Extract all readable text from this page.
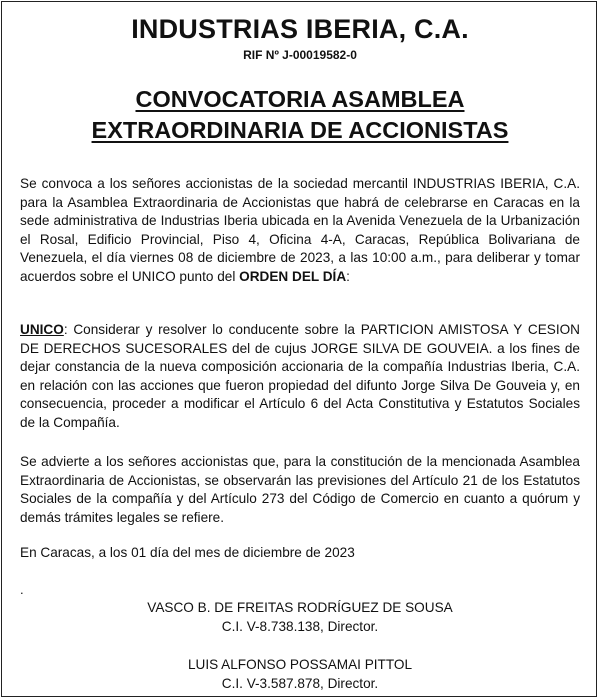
INDUSTRIAS IBERIA, C.A.
RIF Nº J-00019582-0
CONVOCATORIA ASAMBLEA
EXTRAORDINARIA DE ACCIONISTAS
Se convoca a los señores accionistas de la sociedad mercantil INDUSTRIAS IBERIA, C.A. para la Asamblea Extraordinaria de Accionistas que habrá de celebrarse en Caracas en la sede administrativa de Industrias Iberia ubicada en la Avenida Venezuela de la Urbanización el Rosal, Edificio Provincial, Piso 4, Oficina 4-A, Caracas, República Bolivariana de Venezuela, el día viernes 08 de diciembre de 2023, a las 10:00 a.m., para deliberar y tomar acuerdos sobre el UNICO punto del ORDEN DEL DÍA:
UNICO: Considerar y resolver lo conducente sobre la PARTICION AMISTOSA Y CESION DE DERECHOS SUCESORALES del de cujus JORGE SILVA DE GOUVEIA. a los fines de dejar constancia de la nueva composición accionaria de la compañía Industrias Iberia, C.A. en relación con las acciones que fueron propiedad del difunto Jorge Silva De Gouveia y, en consecuencia, proceder a modificar el Artículo 6 del Acta Constitutiva y Estatutos Sociales de la Compañía.
Se advierte a los señores accionistas que, para la constitución de la mencionada Asamblea Extraordinaria de Accionistas, se observarán las previsiones del Artículo 21 de los Estatutos Sociales de la compañía y del Artículo 273 del Código de Comercio en cuanto a quórum y demás trámites legales se refiere.
En Caracas, a los 01 día del mes de diciembre de 2023
.
VASCO B. DE FREITAS RODRÍGUEZ DE SOUSA
C.I. V-8.738.138, Director.
LUIS ALFONSO POSSAMAI PITTOL
C.I. V-3.587.878, Director.
